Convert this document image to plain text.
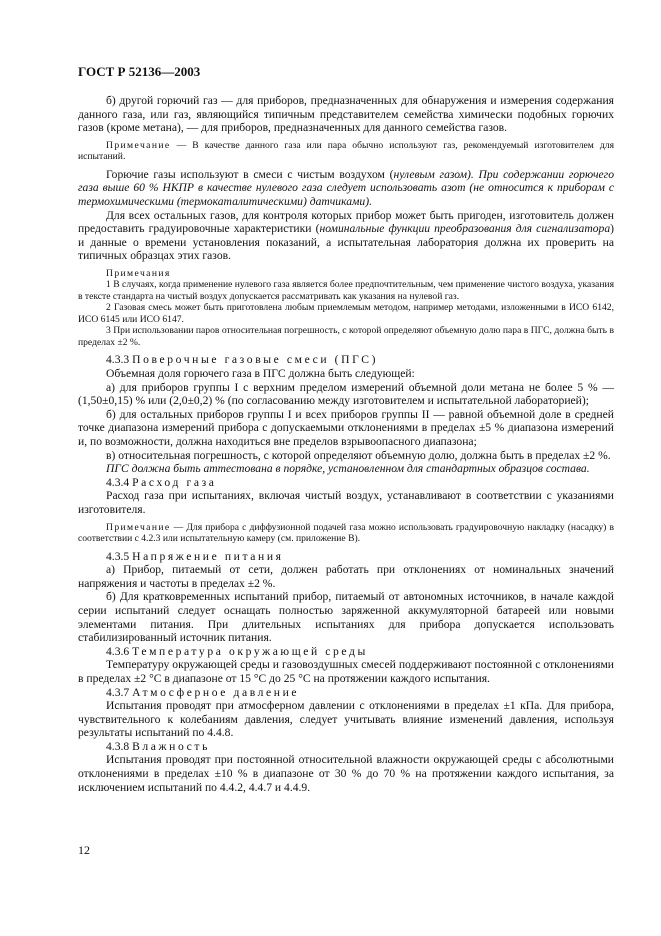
ГОСТ Р 52136—2003

б) другой горючий газ — для приборов, предназначенных для обнаружения и измерения содержания данного газа, или газ, являющийся типичным представителем семейства химически подобных горючих газов (кроме метана), — для приборов, предназначенных для данного семейства газов.

Примечание — В качестве данного газа или пара обычно используют газ, рекомендуемый изготовителем для испытаний.

Горючие газы используют в смеси с чистым воздухом (нулевым газом). При содержании горючего газа выше 60 % НКПР в качестве нулевого газа следует использовать азот (не относится к приборам с термохимическими (термокаталитическими) датчиками).

Для всех остальных газов, для контроля которых прибор может быть пригоден, изготовитель должен предоставить градуировочные характеристики (номинальные функции преобразования для сигнализатора) и данные о времени установления показаний, а испытательная лаборатория должна их проверить на типичных образцах этих газов.

Примечания

1 В случаях, когда применение нулевого газа является более предпочтительным, чем применение чистого воздуха, указания в тексте стандарта на чистый воздух допускается рассматривать как указания на нулевой газ.

2 Газовая смесь может быть приготовлена любым приемлемым методом, например методами, изложенными в ИСО 6142, ИСО 6145 или ИСО 6147.

3 При использовании паров относительная погрешность, с которой определяют объемную долю пара в ПГС, должна быть в пределах ±2 %.

4.3.3 Поверочные газовые смеси (ПГС)

Объемная доля горючего газа в ПГС должна быть следующей:

а) для приборов группы I с верхним пределом измерений объемной доли метана не более 5 % — (1,50±0,15) % или (2,0±0,2) % (по согласованию между изготовителем и испытательной лабораторией);

б) для остальных приборов группы I и всех приборов группы II — равной объемной доле в средней точке диапазона измерений прибора с допускаемыми отклонениями в пределах ±5 % диапазона измерений и, по возможности, должна находиться вне пределов взрывоопасного диапазона;

в) относительная погрешность, с которой определяют объемную долю, должна быть в пределах ±2 %.

ПГС должна быть аттестована в порядке, установленном для стандартных образцов состава.

4.3.4 Расход газа

Расход газа при испытаниях, включая чистый воздух, устанавливают в соответствии с указаниями изготовителя.

Примечание — Для прибора с диффузионной подачей газа можно использовать градуировочную накладку (насадку) в соответствии с 4.2.3 или испытательную камеру (см. приложение В).

4.3.5 Напряжение питания

а) Прибор, питаемый от сети, должен работать при отклонениях от номинальных значений напряжения и частоты в пределах ±2 %.

б) Для кратковременных испытаний прибор, питаемый от автономных источников, в начале каждой серии испытаний следует оснащать полностью заряженной аккумуляторной батареей или новыми элементами питания. При длительных испытаниях для прибора допускается использовать стабилизированный источник питания.

4.3.6 Температура окружающей среды

Температуру окружающей среды и газовоздушных смесей поддерживают постоянной с отклонениями в пределах ±2 °С в диапазоне от 15 °С до 25 °С на протяжении каждого испытания.

4.3.7 Атмосферное давление

Испытания проводят при атмосферном давлении с отклонениями в пределах ±1 кПа. Для прибора, чувствительного к колебаниям давления, следует учитывать влияние изменений давления, используя результаты испытаний по 4.4.8.

4.3.8 Влажность

Испытания проводят при постоянной относительной влажности окружающей среды с абсолютными отклонениями в пределах ±10 % в диапазоне от 30 % до 70 % на протяжении каждого испытания, за исключением испытаний по 4.4.2, 4.4.7 и 4.4.9.

12
